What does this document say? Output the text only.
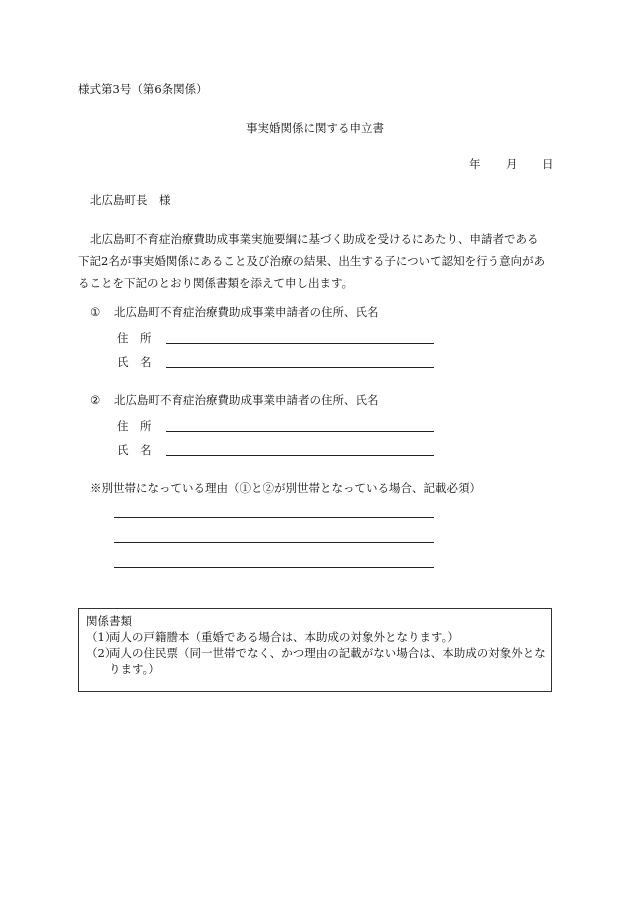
様式第3号（第6条関係）
事実婚関係に関する申立書
年 月 日
北広島町長　様
北広島町不育症治療費助成事業実施要綱に基づく助成を受けるにあたり、申請者である
下記2名が事実婚関係にあること及び治療の結果、出生する子について認知を行う意向があ
ることを下記のとおり関係書類を添えて申し出ます。
① 北広島町不育症治療費助成事業申請者の住所、氏名
住　所
氏　名
② 北広島町不育症治療費助成事業申請者の住所、氏名
住　所
氏　名
※別世帯になっている理由（①と②が別世帯となっている場合、記載必須）
関係書類
（1）
両人の戸籍謄本（重婚である場合は、本助成の対象外となります。）
（2）
両人の住民票（同一世帯でなく、かつ理由の記載がない場合は、本助成の対象外とな
ります。）
